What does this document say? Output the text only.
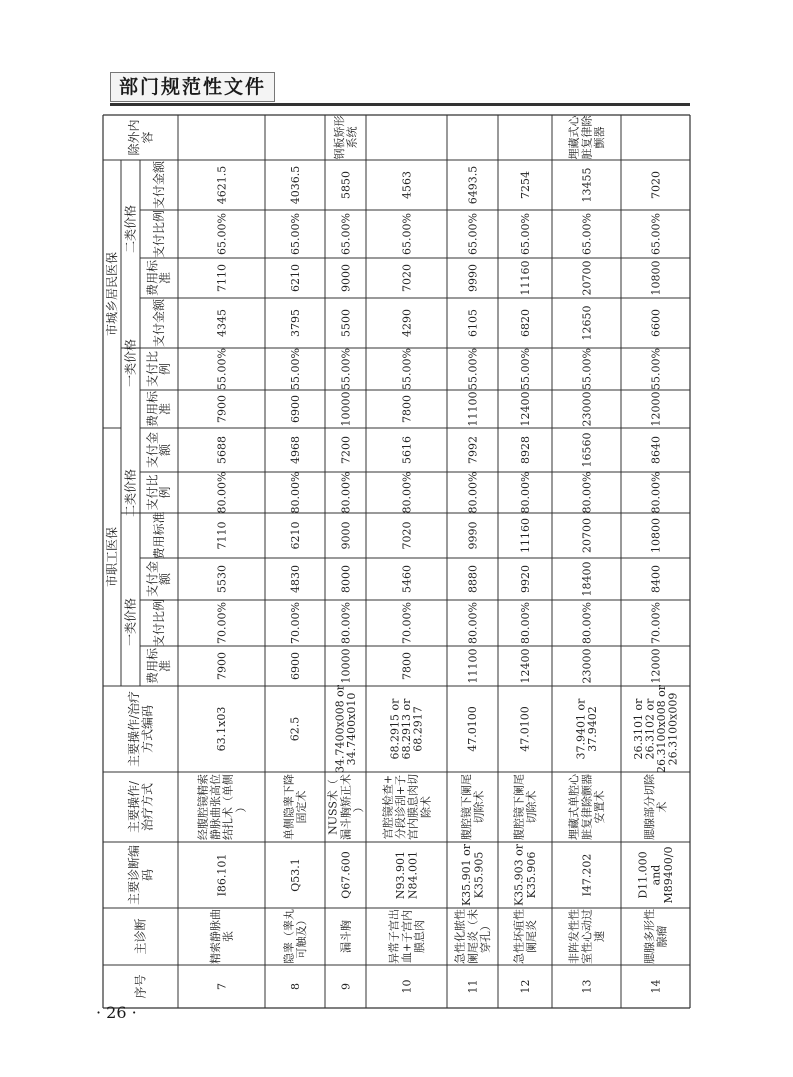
部门规范性文件
序号
主诊断
主要诊断编码
主要操作/治疗方式
主要操作/治疗方式编码
除外内容
市职工医保
市城乡居民医保
一类价格
费用标准
支付比例
支付金额
二类价格
费用标准
支付比例
支付金额
一类价格
费用标准
支付比例
支付金额
二类价格
费用标准
支付比例
支付金额
7
精索静脉曲张
I86.101
经腹腔镜精索静脉曲张高位结扎术（单侧）
63.1x03
7900
70.00%
5530
7110
80.00%
5688
7900
55.00%
4345
7110
65.00%
4621.5
8
隐睾（睾丸可触及）
Q53.1
单侧隐睾下降固定术
62.5
6900
70.00%
4830
6210
80.00%
4968
6900
55.00%
3795
6210
65.00%
4036.5
9
漏斗胸
Q67.600
NUSS术（漏斗胸矫正术）
34.7400x008 or34.7400x010
10000
80.00%
8000
9000
80.00%
7200
10000
55.00%
5500
9000
65.00%
5850
钢板矫形系统
10
异常子宫出血+子宫内膜息肉
N93.901N84.001
宫腔镜检查+分段诊刮+子宫内膜息肉切除术
68.2915 or68.2913 or68.2917
7800
70.00%
5460
7020
80.00%
5616
7800
55.00%
4290
7020
65.00%
4563
11
急性化脓性阑尾炎（未穿孔）
K35.901 orK35.905
腹腔镜下阑尾切除术
47.0100
11100
80.00%
8880
9990
80.00%
7992
11100
55.00%
6105
9990
65.00%
6493.5
12
急性坏疽性阑尾炎
K35.903 orK35.906
腹腔镜下阑尾切除术
47.0100
12400
80.00%
9920
11160
80.00%
8928
12400
55.00%
6820
11160
65.00%
7254
13
非阵发性性室性心动过速
I47.202
埋藏式单腔心脏复律除颤器安置术
37.9401 or37.9402
23000
80.00%
18400
20700
80.00%
16560
23000
55.00%
12650
20700
65.00%
13455
埋藏式心脏复律除颤器
14
腮腺多形性腺瘤
D11.000andM89400/0
腮腺部分切除术
26.3101 or26.3102 or26.3100x008 or26.3100x009
12000
70.00%
8400
10800
80.00%
8640
12000
55.00%
6600
10800
65.00%
7020
· 26 ·
